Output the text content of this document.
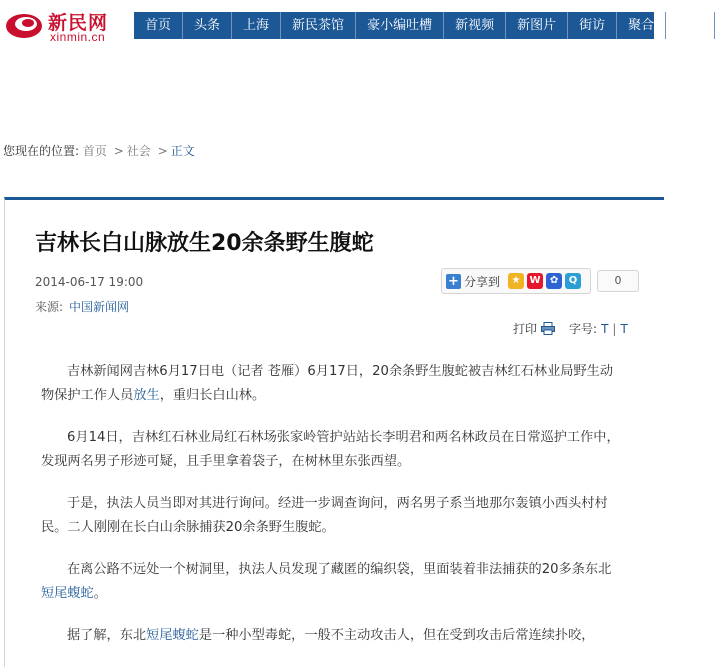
新民网
xinmin.cn
首页	头条	上海	新民茶馆	豪小编吐槽	新视频	新图片	街访	聚合	专题
您现在的位置: 首页 > 社会 > 正文
吉林长白山脉放生20余条野生腹蛇
2014-06-17 19:00
来源: 中国新闻网
+ 分享到	★ W ✿	Q	0
打印	字号: T | T

吉林新闻网吉林6月17日电（记者 苍雁）6月17日，20余条野生腹蛇被吉林红石林业局野生动物保护工作人员放生，重归长白山林。

6月14日，吉林红石林业局红石林场张家岭管护站站长李明君和两名林政员在日常巡护工作中，发现两名男子形迹可疑，且手里拿着袋子，在树林里东张西望。

于是，执法人员当即对其进行询问。经进一步调查询问，两名男子系当地那尔轰镇小西头村村民。二人刚刚在长白山余脉捕获20余条野生腹蛇。

在离公路不远处一个树洞里，执法人员发现了藏匿的编织袋，里面装着非法捕获的20多条东北短尾蝮蛇。

据了解，东北短尾蝮蛇是一种小型毒蛇，一般不主动攻击人，但在受到攻击后常连续扑咬，
